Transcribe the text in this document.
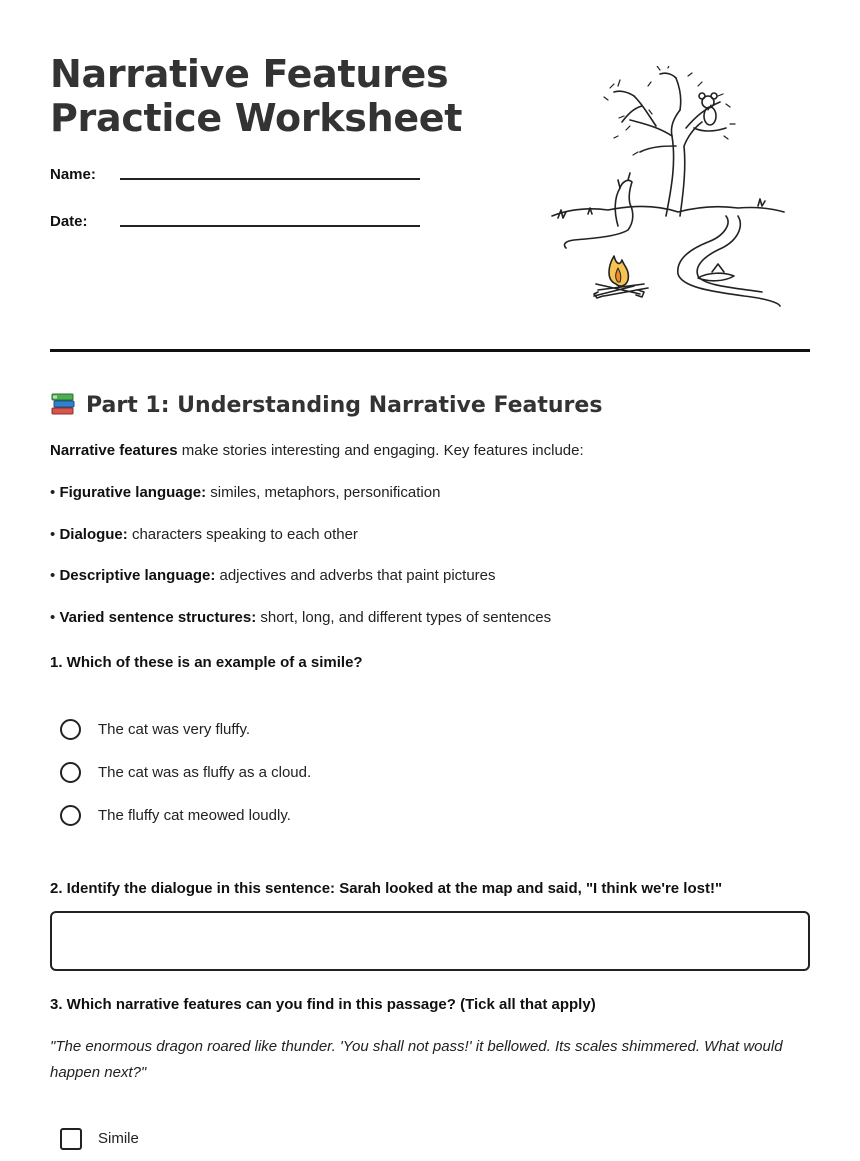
Narrative Features
Practice Worksheet
Name:
Date:
Part 1: Understanding Narrative Features
Narrative features make stories interesting and engaging. Key features include:
• Figurative language: similes, metaphors, personification
• Dialogue: characters speaking to each other
• Descriptive language: adjectives and adverbs that paint pictures
• Varied sentence structures: short, long, and different types of sentences
1. Which of these is an example of a simile?
The cat was very fluffy.
The cat was as fluffy as a cloud.
The fluffy cat meowed loudly.
2. Identify the dialogue in this sentence: Sarah looked at the map and said, "I think we're lost!"
3. Which narrative features can you find in this passage? (Tick all that apply)
"The enormous dragon roared like thunder. 'You shall not pass!' it bellowed. Its scales shimmered. What would happen next?"
Simile
